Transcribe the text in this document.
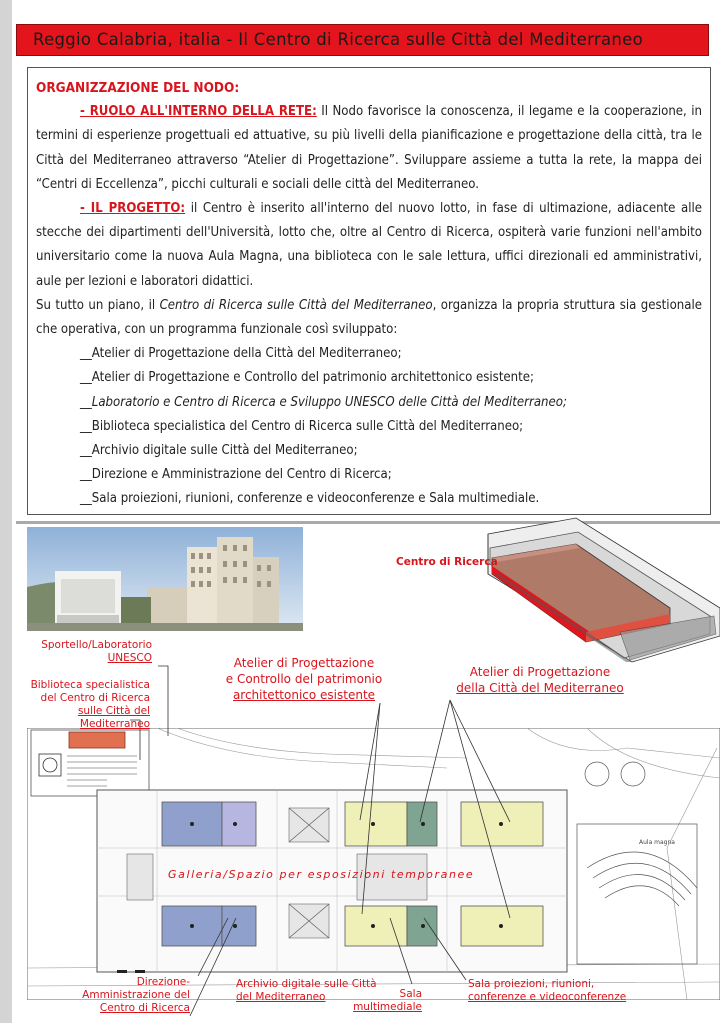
Reggio Calabria, italia - Il Centro di Ricerca sulle Città del Mediterraneo

ORGANIZZAZIONE DEL NODO:

- RUOLO ALL'INTERNO DELLA RETE: Il Nodo favorisce la conoscenza, il legame e la cooperazione, in termini di esperienze progettuali ed attuative, su più livelli della pianificazione e progettazione della città, tra le Città del Mediterraneo attraverso “Atelier di Progettazione”. Sviluppare assieme a tutta la rete, la mappa dei “Centri di Eccellenza”, picchi culturali e sociali delle città del Mediterraneo.

- IL PROGETTO: il Centro è inserito all'interno del nuovo lotto, in fase di ultimazione, adiacente alle stecche dei dipartimenti dell'Università, lotto che, oltre al Centro di Ricerca, ospiterà varie funzioni nell'ambito universitario come la nuova Aula Magna, una biblioteca con le sale lettura, uffici direzionali ed amministrativi, aule per lezioni e laboratori didattici.

Su tutto un piano, il Centro di Ricerca sulle Città del Mediterraneo, organizza la propria struttura sia gestionale che operativa, con un programma funzionale così sviluppato:

__Atelier di Progettazione della Città del Mediterraneo;
__Atelier di Progettazione e Controllo del patrimonio architettonico esistente;
__Laboratorio e Centro di Ricerca e Sviluppo UNESCO delle Città del Mediterraneo;
__Biblioteca specialistica del Centro di Ricerca sulle Città del Mediterraneo;
__Archivio digitale sulle Città del Mediterraneo;
__Direzione e Amministrazione del Centro di Ricerca;
__Sala proiezioni, riunioni, conferenze e videoconferenze e Sala multimediale.
Centro di Ricerca
Aula magna
Galleria/Spazio per esposizioni temporanee
Sportello/Laboratorio
UNESCO
Biblioteca specialistica
del Centro di Ricerca
sulle Città del Mediterraneo
Atelier di Progettazione
e Controllo del patrimonio
architettonico esistente
Atelier di Progettazione
della Città del Mediterraneo
Direzione-
Amministrazione del
Centro di Ricerca
Archivio digitale sulle Città
del Mediterraneo	Sala
multimediale
Sala proiezioni, riunioni,
conferenze e videoconferenze
